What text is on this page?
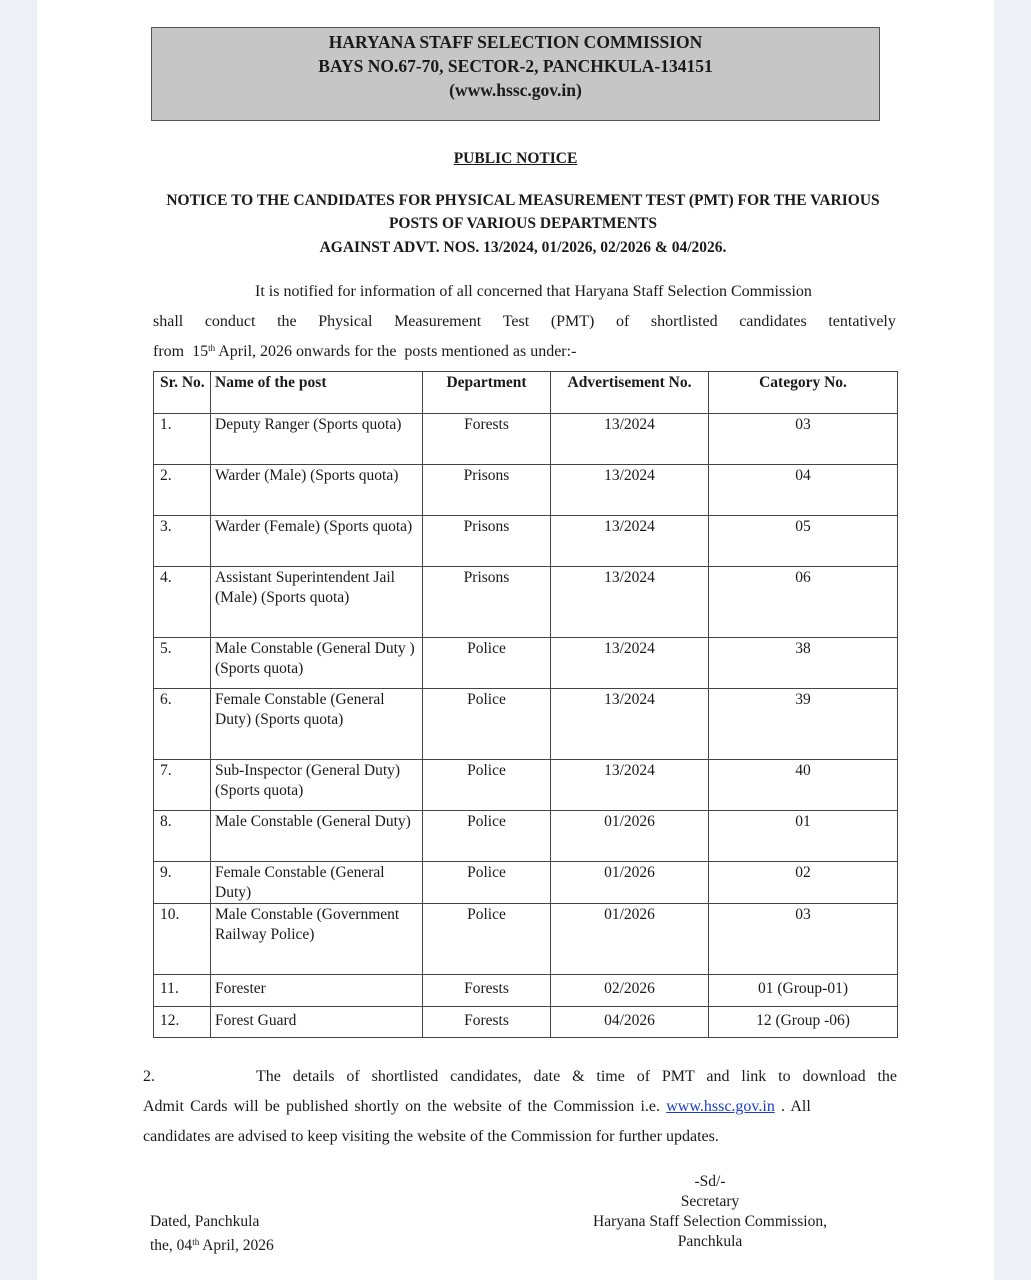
HARYANA STAFF SELECTION COMMISSION
BAYS NO.67-70, SECTOR-2, PANCHKULA-134151
(www.hssc.gov.in)
PUBLIC NOTICE
NOTICE TO THE CANDIDATES FOR PHYSICAL MEASUREMENT TEST (PMT) FOR THE VARIOUS
POSTS OF VARIOUS DEPARTMENTS
AGAINST ADVT. NOS. 13/2024, 01/2026, 02/2026 & 04/2026.
It is notified for information of all concerned that Haryana Staff Selection Commission
shall conduct the Physical Measurement Test (PMT) of shortlisted candidates tentatively
from  15th April, 2026 onwards for the  posts mentioned as under:-
Sr. No.	Name of the post	Department	Advertisement No.	Category No.
1.	Deputy Ranger (Sports quota)	Forests	13/2024	03
2.	Warder (Male) (Sports quota)	Prisons	13/2024	04
3.	Warder (Female) (Sports quota)	Prisons	13/2024	05
4.	Assistant Superintendent Jail (Male) (Sports quota)	Prisons	13/2024	06
5.	Male Constable (General Duty ) (Sports quota)	Police	13/2024	38
6.	Female Constable (General Duty) (Sports quota)	Police	13/2024	39
7.	Sub-Inspector (General Duty) (Sports quota)	Police	13/2024	40
8.	Male Constable (General Duty)	Police	01/2026	01
9.	Female Constable (General Duty)	Police	01/2026	02
10.	Male Constable (Government Railway Police)	Police	01/2026	03
11.	Forester	Forests	02/2026	01 (Group-01)
12.	Forest Guard	Forests	04/2026	12 (Group -06)
2.	The details of shortlisted candidates, date & time of PMT and link to download the
Admit Cards will be published shortly on the website of the Commission i.e. www.hssc.gov.in . All
candidates are advised to keep visiting the website of the Commission for further updates.
-Sd/-
Secretary
Haryana Staff Selection Commission,
Panchkula
Dated, Panchkula
the, 04th April, 2026
